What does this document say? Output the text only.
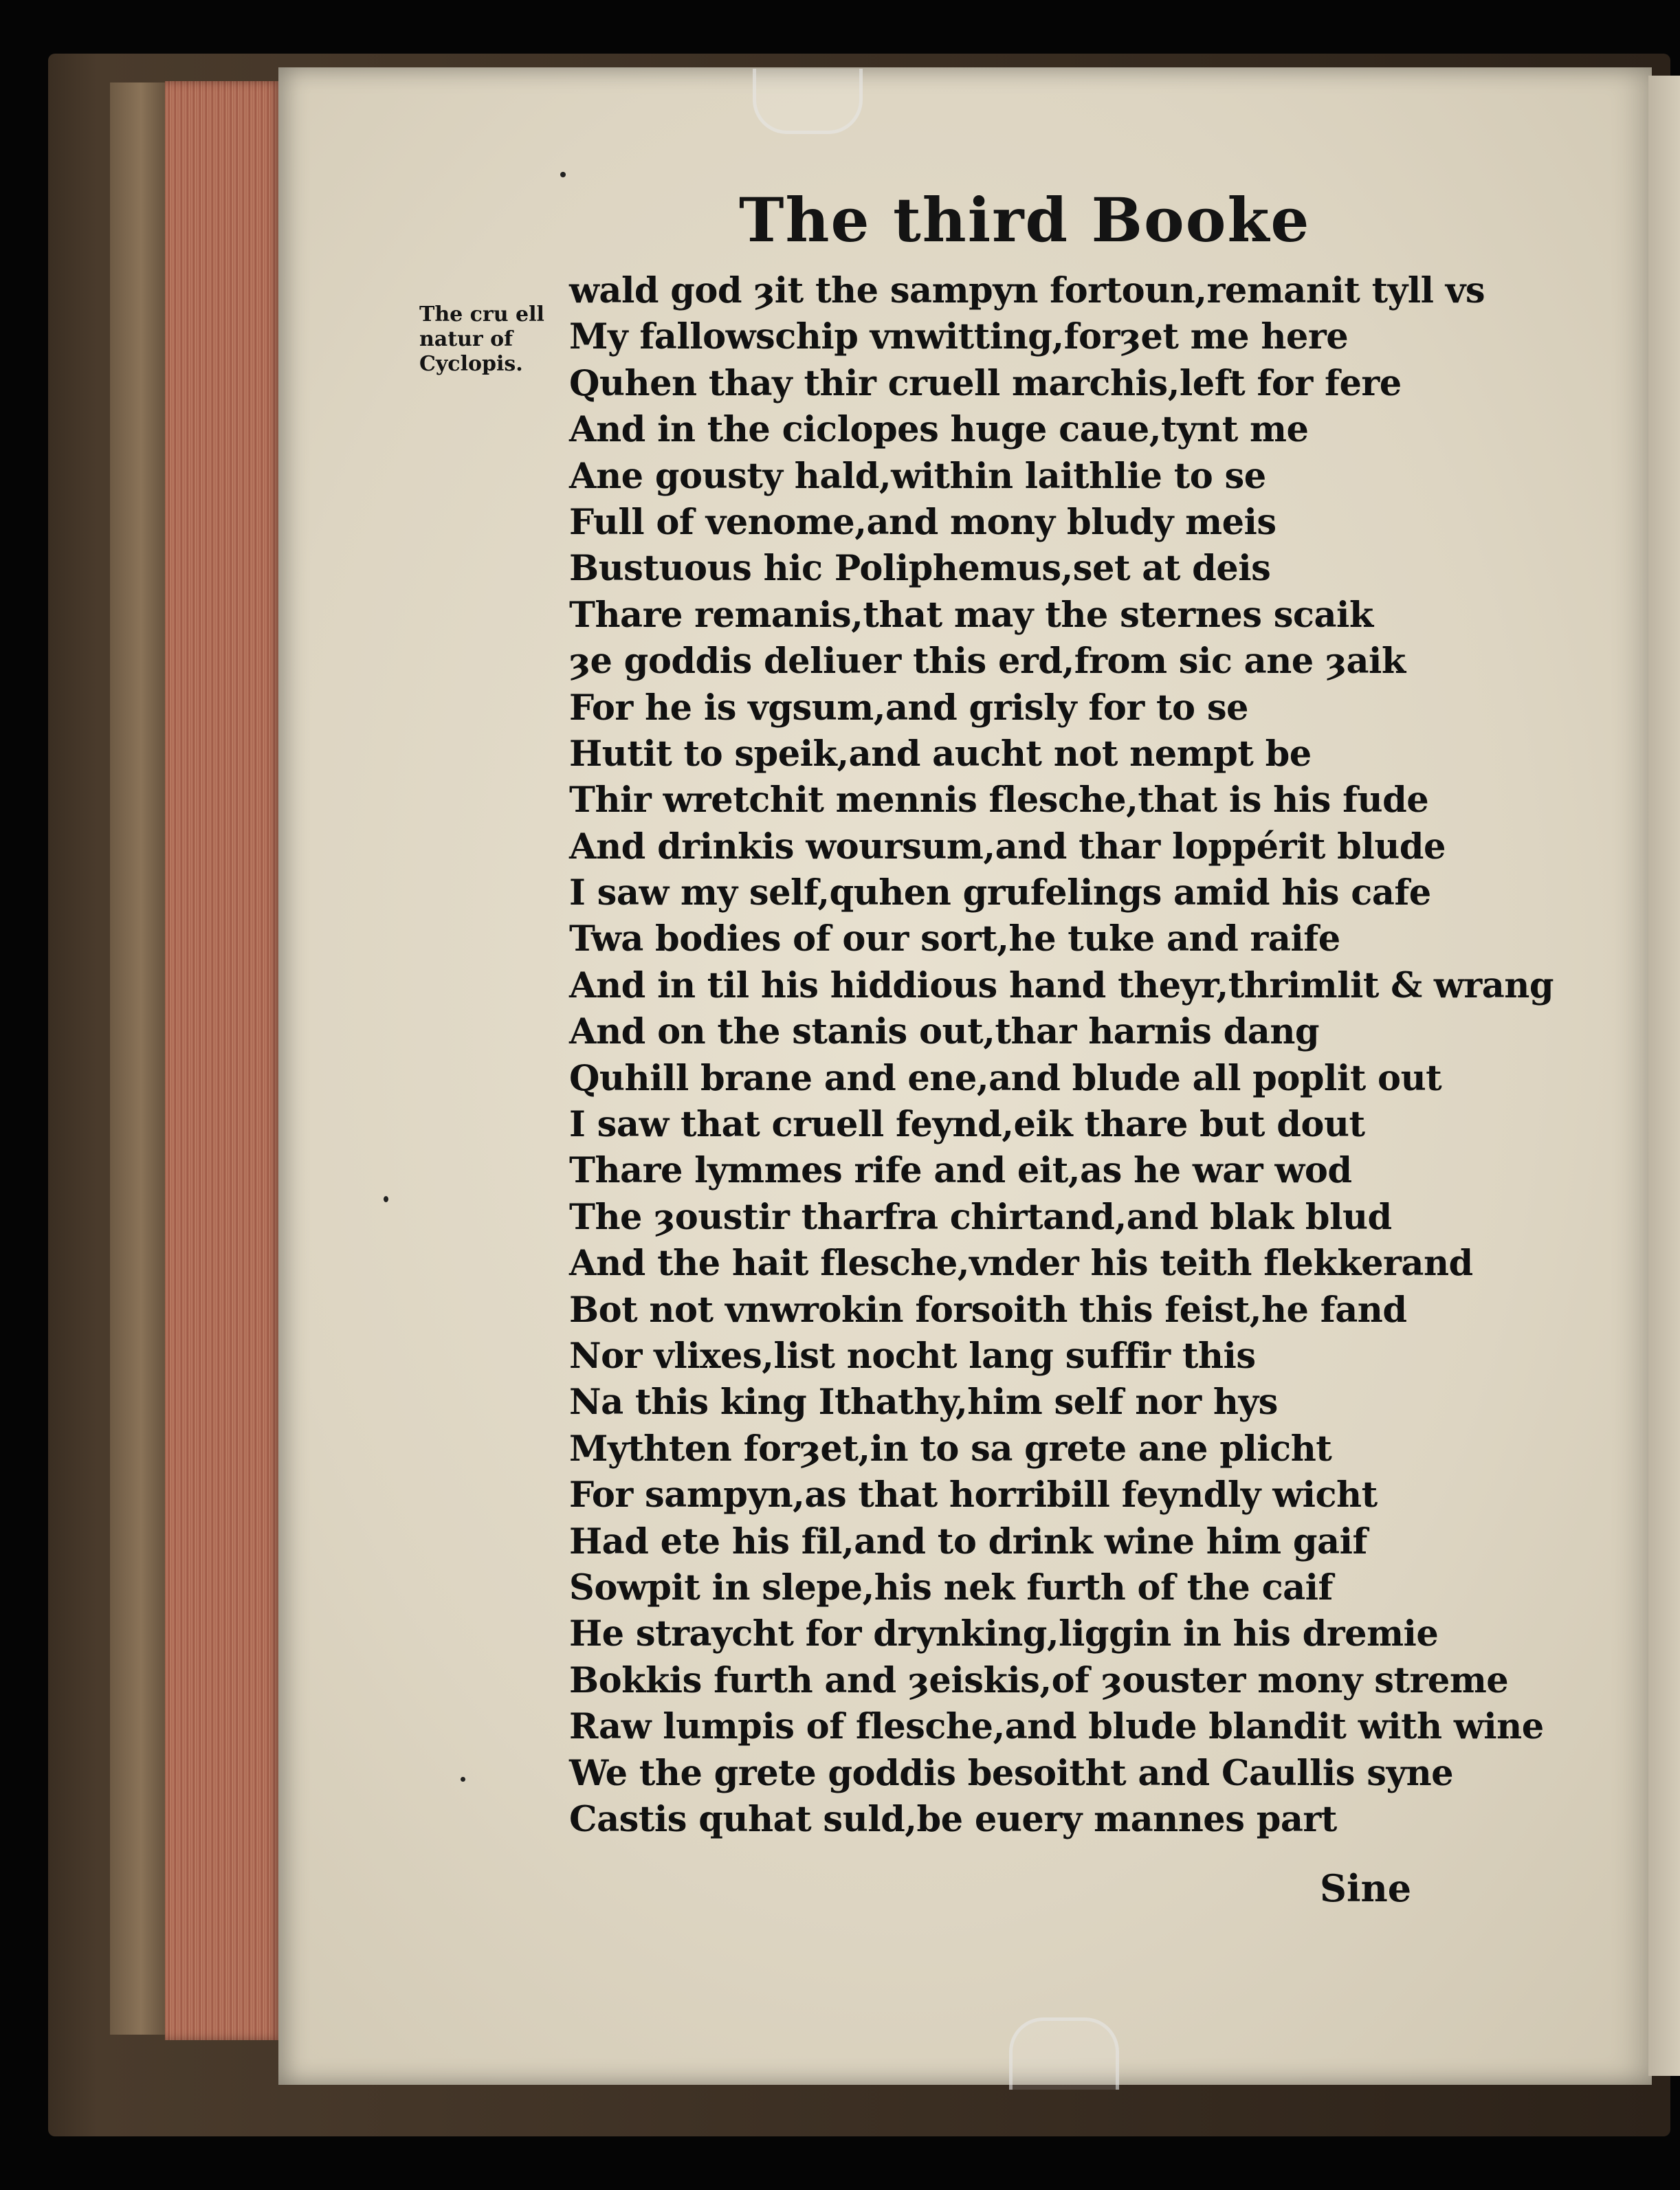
The third Booke
The cru ell
natur of
Cyclopis.
wald god ȝit the sampyn fortoun,remanit tyll vs
My fallowschip vnwitting,forȝet me here
Quhen thay thir cruell marchis,left for fere
And in the ciclopes huge caue,tynt me
Ane gousty hald,within laithlie to se
Full of venome,and mony bludy meis
Bustuous hic Poliphemus,set at deis
Thare remanis,that may the sternes scaik
ȝe goddis deliuer this erd,from sic ane ȝaik
For he is vgsum,and grisly for to se
Hutit to speik,and aucht not nempt be
Thir wretchit mennis flesche,that is his fude
And drinkis woursum,and thar loppérit blude
I saw my self,quhen grufelings amid his cafe
Twa bodies of our sort,he tuke and raife
And in til his hiddious hand theyr,thrimlit & wrang
And on the stanis out,thar harnis dang
Quhill brane and ene,and blude all poplit out
I saw that cruell feynd,eik thare but dout
Thare lymmes rife and eit,as he war wod
The ȝoustir tharfra chirtand,and blak blud
And the hait flesche,vnder his teith flekkerand
Bot not vnwrokin forsoith this feist,he fand
Nor vlixes,list nocht lang suffir this
Na this king Ithathy,him self nor hys
Mythten forȝet,in to sa grete ane plicht
For sampyn,as that horribill feyndly wicht
Had ete his fil,and to drink wine him gaif
Sowpit in slepe,his nek furth of the caif
He straycht for drynking,liggin in his dremie
Bokkis furth and ȝeiskis,of ȝouster mony streme
Raw lumpis of flesche,and blude blandit with wine
We the grete goddis besoitht and Caullis syne
Castis quhat suld,be euery mannes part
Sine
